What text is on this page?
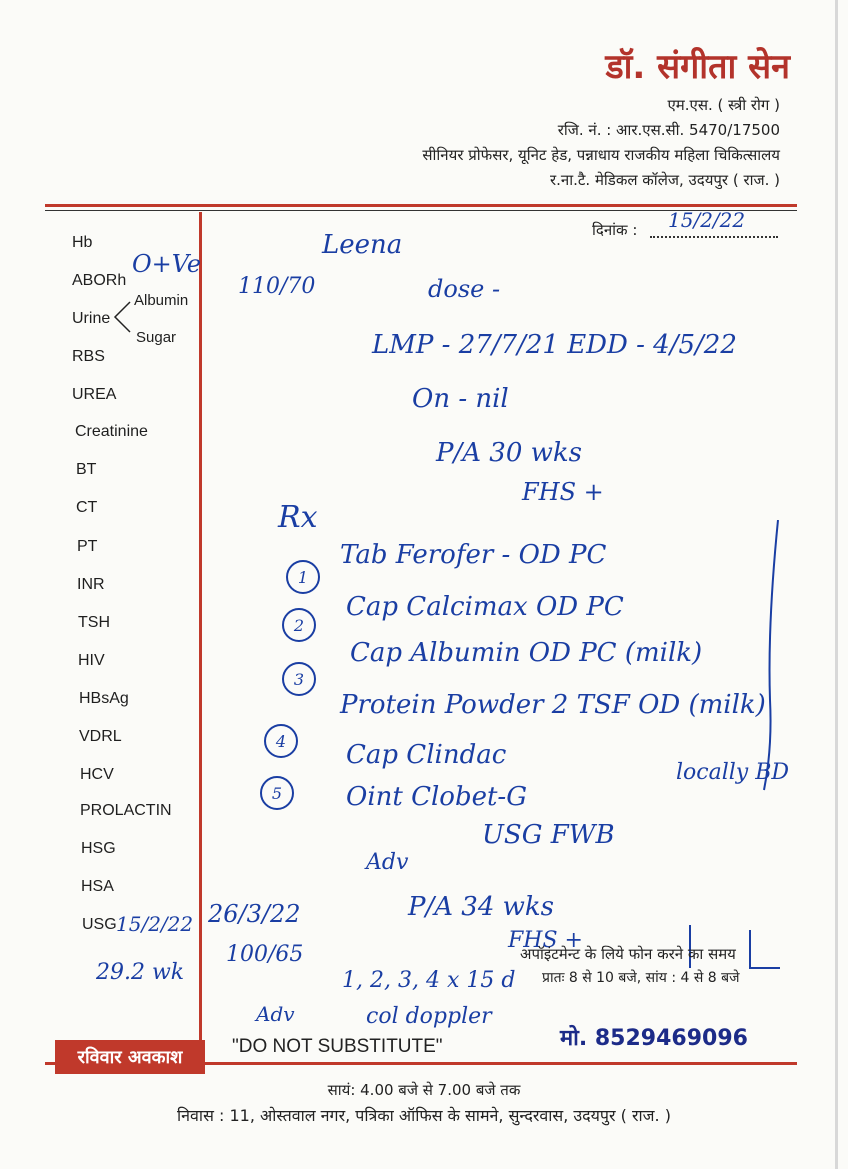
डॉ. संगीता सेन
एम.एस. ( स्त्री रोग )
रजि. नं. : आर.एस.सी. 5470/17500
सीनियर प्रोफेसर, यूनिट हेड, पन्नाधाय राजकीय महिला चिकित्सालय
र.ना.टै. मेडिकल कॉलेज, उदयपुर ( राज. )
दिनांक : 15/2/22
Hb
ABORh
Urine
Albumin
Sugar
RBS
UREA
Creatinine
BT
CT
PT
INR
TSH
HIV
HBsAg
VDRL
HCV
PROLACTIN
HSG
HSA
USG
Leena
O+Ve
110/70	dose -
LMP - 27/7/21 EDD - 4/5/22
On - nil
P/A 30 wks
FHS +
Rx
1
Tab Ferofer - OD PC
2
Cap Calcimax OD PC
3
Cap Albumin OD PC (milk)
4
Protein Powder 2 TSF OD (milk)
5
Cap Clindac
Oint Clobet-G
locally BD
USG FWB
Adv
15/2/22 26/3/22
29.2 wk
100/65
P/A 34 wks
FHS +
1, 2, 3, 4 x 15 d
col doppler
Adv
अपॉइंटमेन्ट के लिये फोन करने का समय
प्रातः 8 से 10 बजे, सांय : 4 से 8 बजे
मो. 8529469096
रविवार अवकाश
"DO NOT SUBSTITUTE"
सायं: 4.00 बजे से 7.00 बजे तक
निवास : 11, ओस्तवाल नगर, पत्रिका ऑफिस के सामने, सुन्दरवास, उदयपुर ( राज. )
